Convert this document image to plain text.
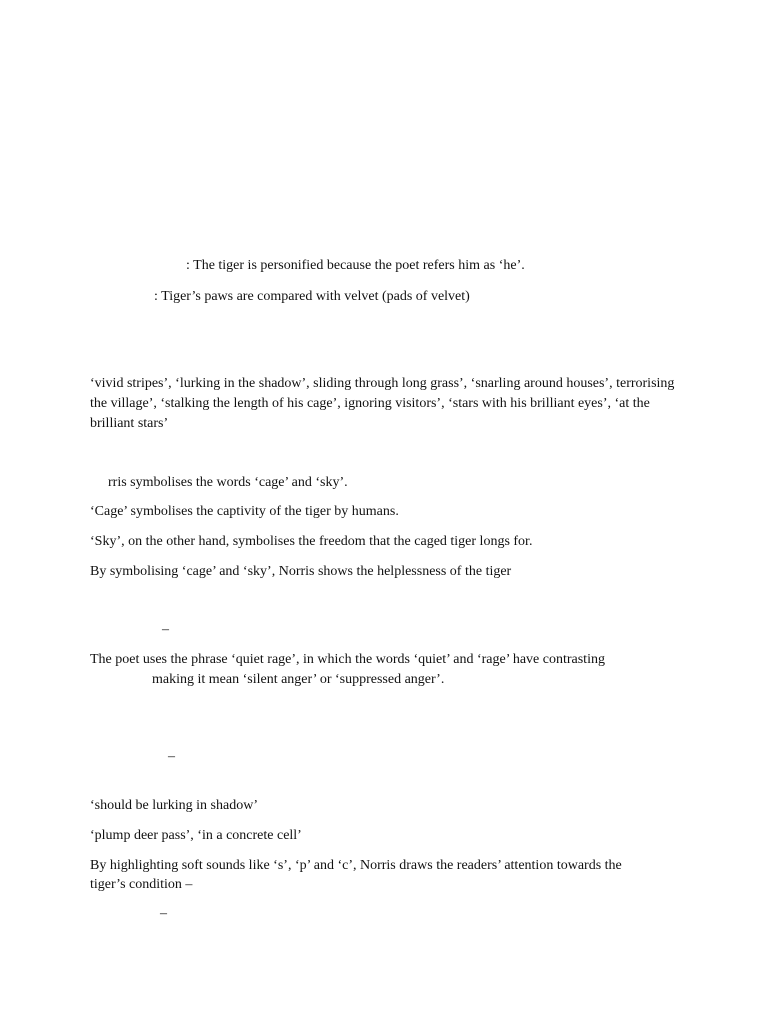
: The tiger is personified because the poet refers him as ‘he’.
: Tiger’s paws are compared with velvet (pads of velvet)
‘vivid stripes’, ‘lurking in the shadow’, sliding through long grass’, ‘snarling around houses’, terrorising the village’, ‘stalking the length of his cage’, ignoring visitors’, ‘stars with his brilliant eyes’, ‘at the brilliant stars’
rris symbolises the words ‘cage’ and ‘sky’.
‘Cage’ symbolises the captivity of the tiger by humans.
‘Sky’, on the other hand, symbolises the freedom that the caged tiger longs for.
By symbolising ‘cage’ and ‘sky’, Norris shows the helplessness of the tiger
–
The poet uses the phrase ‘quiet rage’, in which the words ‘quiet’ and ‘rage’ have contrasting
making it mean ‘silent anger’ or ‘suppressed anger’.
–
‘should be lurking in shadow’
‘plump deer pass’, ‘in a concrete cell’
By highlighting soft sounds like ‘s’, ‘p’ and ‘c’, Norris draws the readers’ attention towards the
tiger’s condition –
–
